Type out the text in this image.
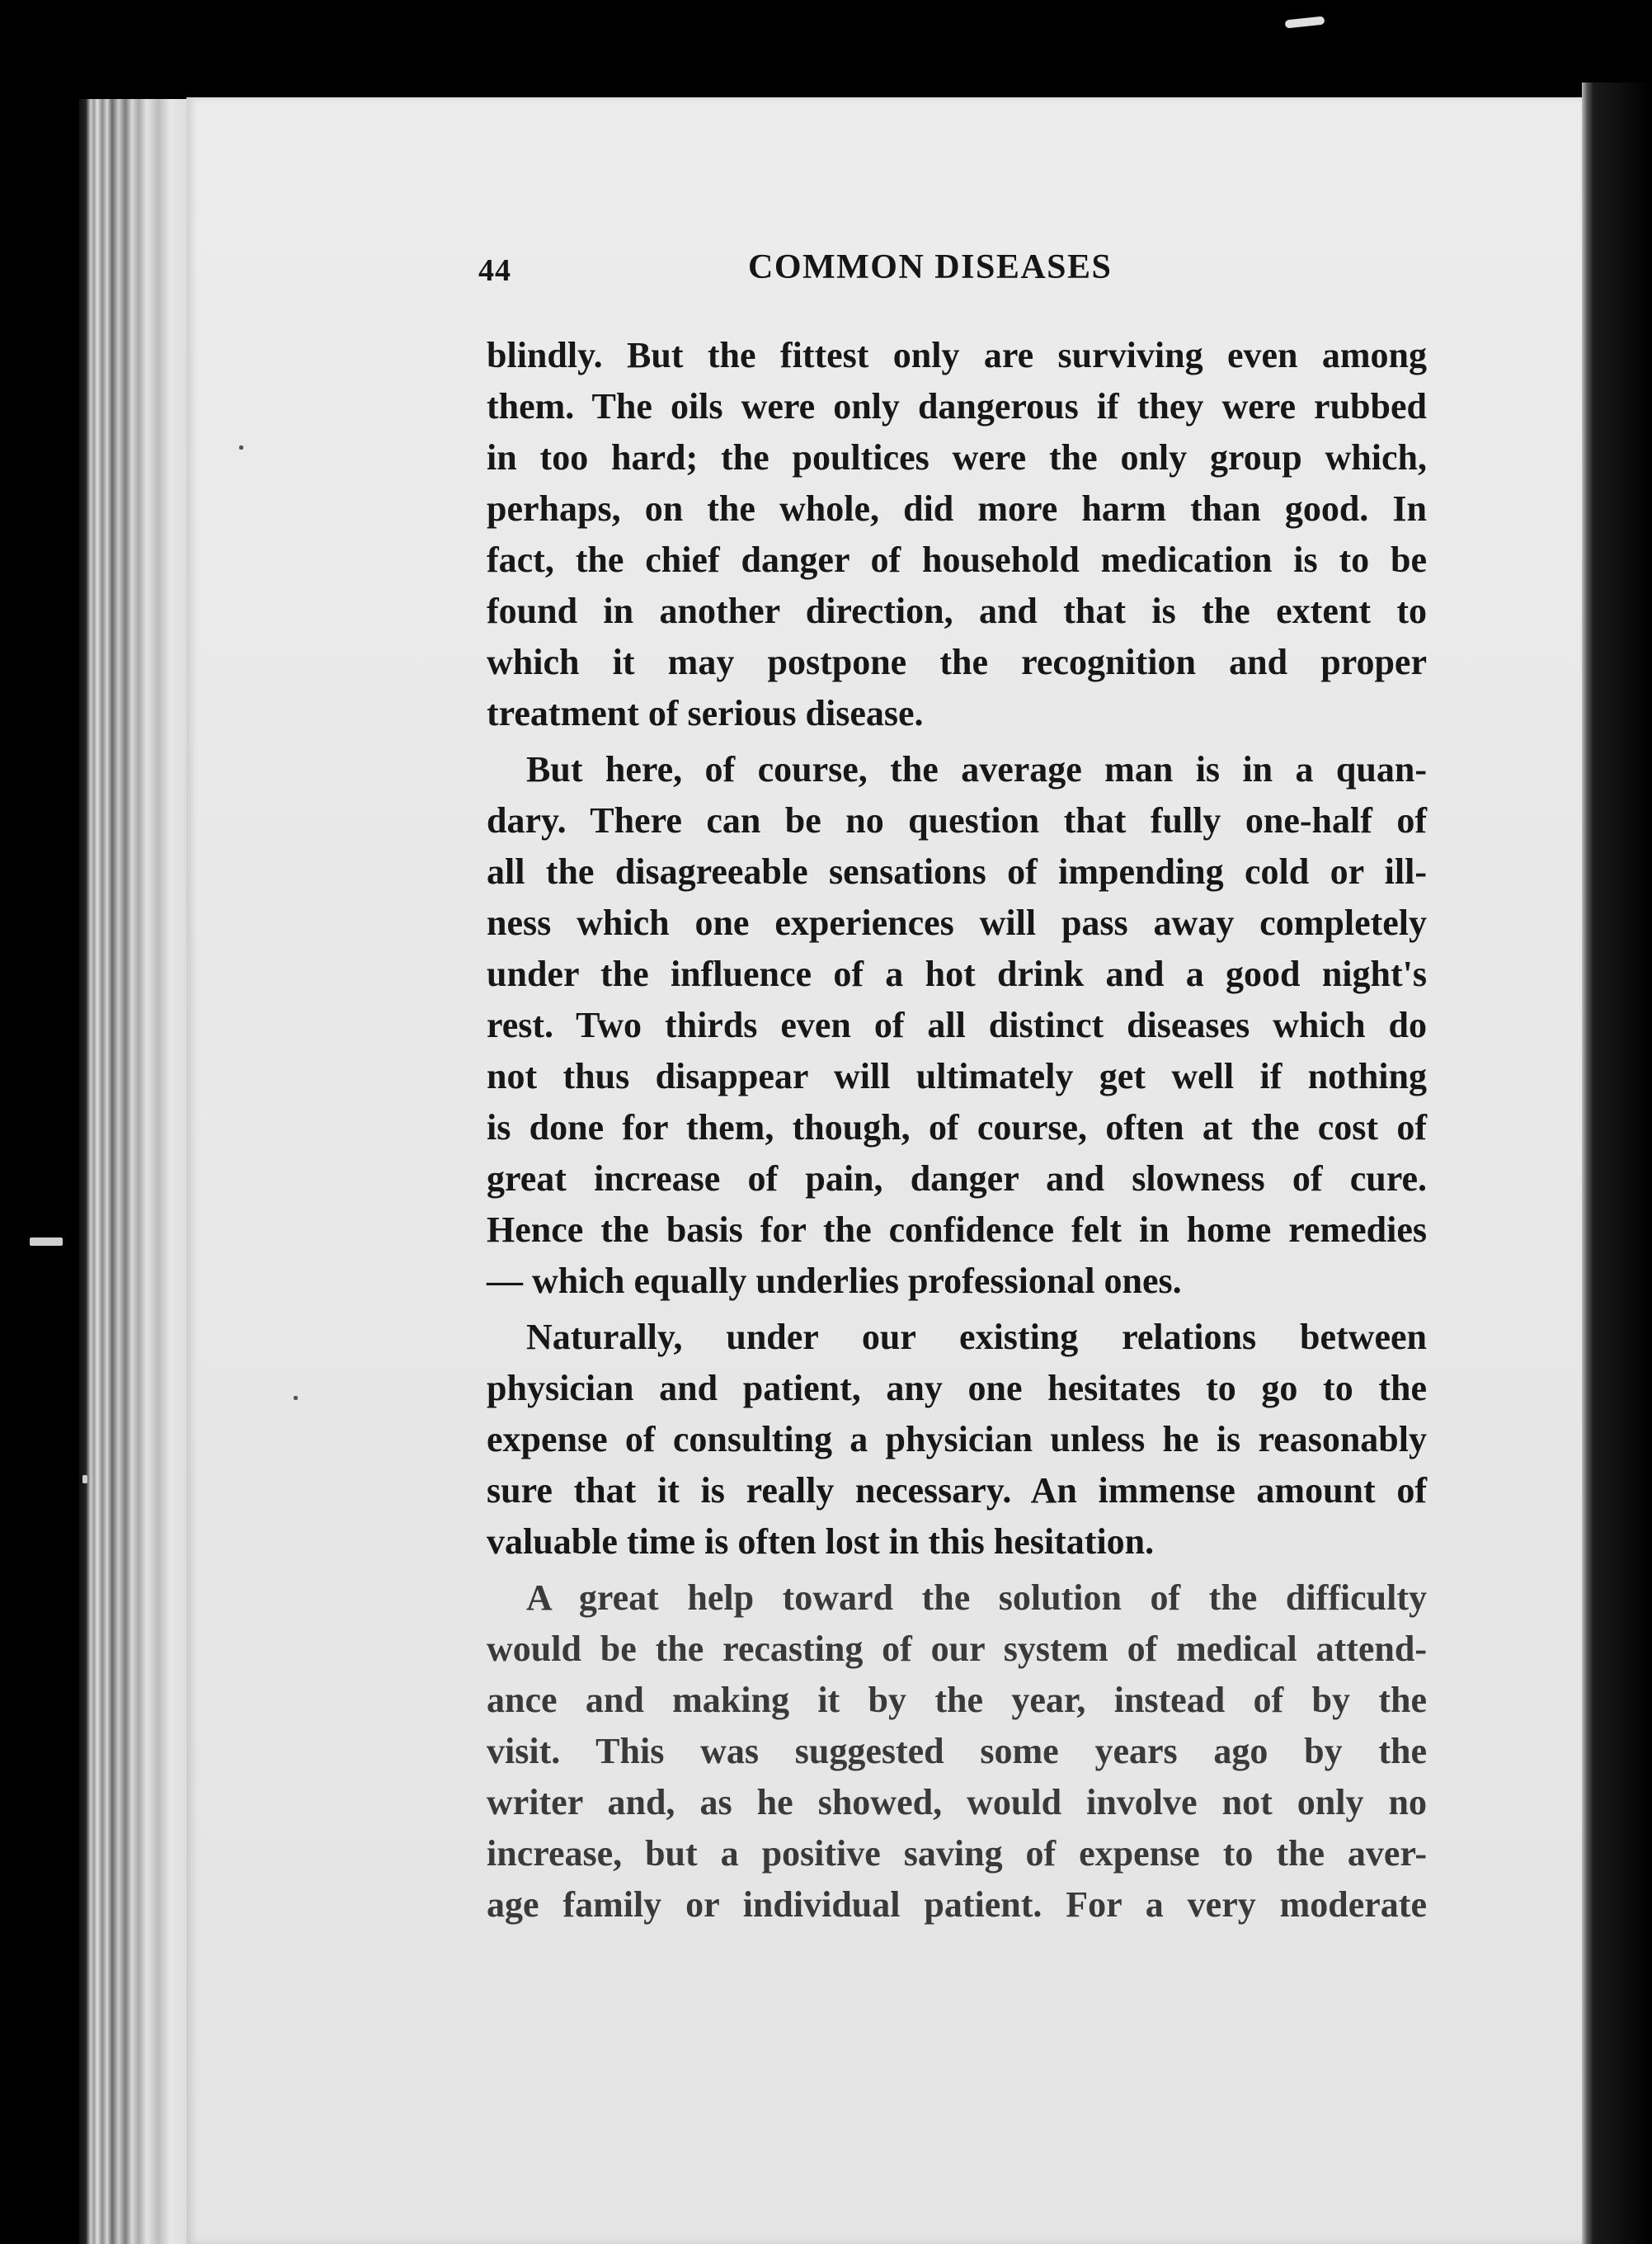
44	COMMON DISEASES
blindly. But the fittest only are surviving even among
them. The oils were only dangerous if they were rubbed
in too hard; the poultices were the only group which,
perhaps, on the whole, did more harm than good. In
fact, the chief danger of household medication is to be
found in another direction, and that is the extent to
which it may postpone the recognition and proper
treatment of serious disease.
But here, of course, the average man is in a quan-
dary. There can be no question that fully one-half of
all the disagreeable sensations of impending cold or ill-
ness which one experiences will pass away completely
under the influence of a hot drink and a good night's
rest. Two thirds even of all distinct diseases which do
not thus disappear will ultimately get well if nothing
is done for them, though, of course, often at the cost of
great increase of pain, danger and slowness of cure.
Hence the basis for the confidence felt in home remedies
— which equally underlies professional ones.
Naturally, under our existing relations between
physician and patient, any one hesitates to go to the
expense of consulting a physician unless he is reasonably
sure that it is really necessary. An immense amount of
valuable time is often lost in this hesitation.
A great help toward the solution of the difficulty
would be the recasting of our system of medical attend-
ance and making it by the year, instead of by the
visit. This was suggested some years ago by the
writer and, as he showed, would involve not only no
increase, but a positive saving of expense to the aver-
age family or individual patient. For a very moderate
